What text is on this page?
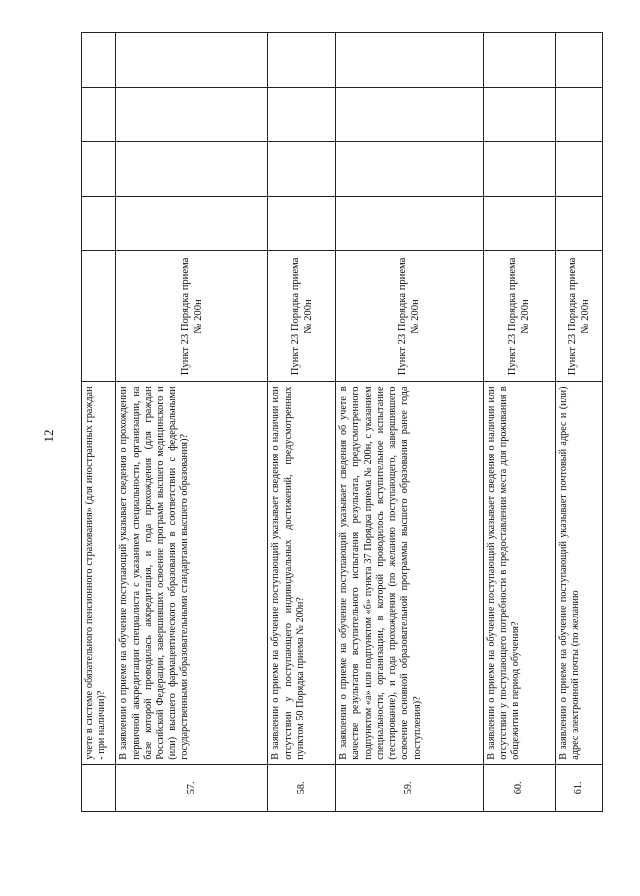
12
		учете в системе обязательного пенсионного страхования» (для иностранных граждан - при наличии)?					
57.	В заявлении о приеме на обучение поступающий указывает сведения о прохождении первичной аккредитации специалиста с указанием специальности, организации, на базе которой проводилась аккредитация, и года прохождения (для граждан Российской Федерации, завершивших освоение программ высшего медицинского и (или) высшего фармацевтического образования в соответствии с федеральными государственными образовательными стандартами высшего образования)?	Пункт 23 Порядка приема № 200н				
58.	В заявлении о приеме на обучение поступающий указывает сведения о наличии или отсутствии у поступающего индивидуальных достижений, предусмотренных пунктом 50 Порядка приема № 200н?	Пункт 23 Порядка приема № 200н				
59.	В заявлении о приеме на обучение поступающий указывает сведения об учете в качестве результатов вступительного испытания результата, предусмотренного подпунктом «а» или подпунктом «б» пункта 37 Порядка приема № 200н, с указанием специальности, организации, в которой проводилось вступительное испытание (тестирование), и года прохождения (по желанию поступающего, завершившего освоение основной образовательной программы высшего образования ранее года поступления)?	Пункт 23 Порядка приема № 200н				
60.	В заявлении о приеме на обучение поступающий указывает сведения о наличии или отсутствии у поступающего потребности в предоставлении места для проживания в общежитии в период обучения?	Пункт 23 Порядка приема № 200н				
61.	В заявлении о приеме на обучение поступающий указывает почтовый адрес и (или) адрес электронной почты (по желанию	Пункт 23 Порядка приема № 200н				
